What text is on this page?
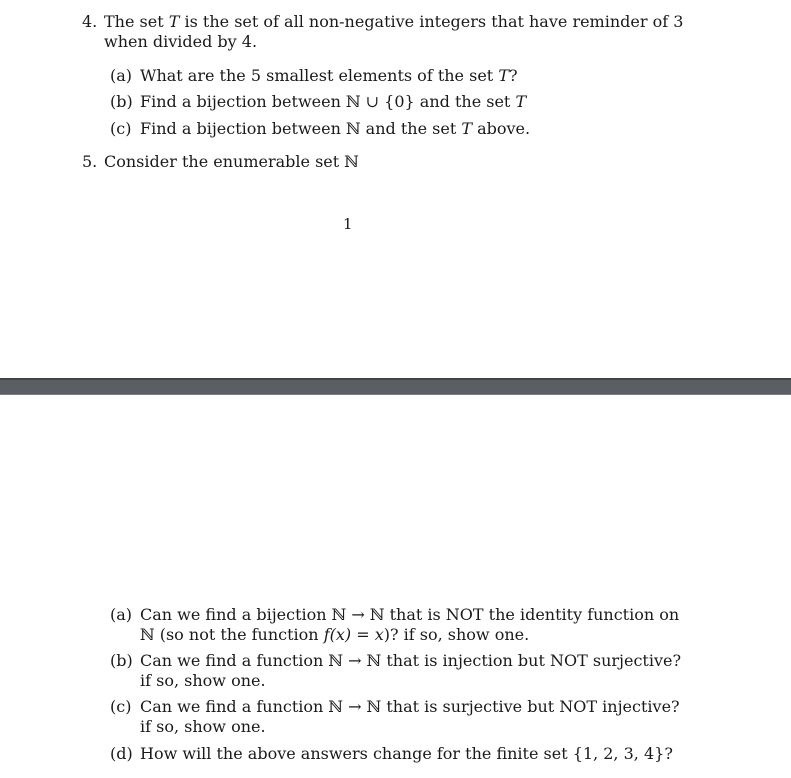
4. The set T is the set of all non-negative integers that have reminder of 3
when divided by 4.
(a) What are the 5 smallest elements of the set T?
(b) Find a bijection between ℕ ∪ {0} and the set T
(c) Find a bijection between ℕ and the set T above.
5. Consider the enumerable set ℕ
1
(a) Can we find a bijection ℕ → ℕ that is NOT the identity function on
ℕ (so not the function f(x) = x)? if so, show one.
(b) Can we find a function ℕ → ℕ that is injection but NOT surjective?
if so, show one.
(c) Can we find a function ℕ → ℕ that is surjective but NOT injective?
if so, show one.
(d) How will the above answers change for the finite set {1, 2, 3, 4}?
